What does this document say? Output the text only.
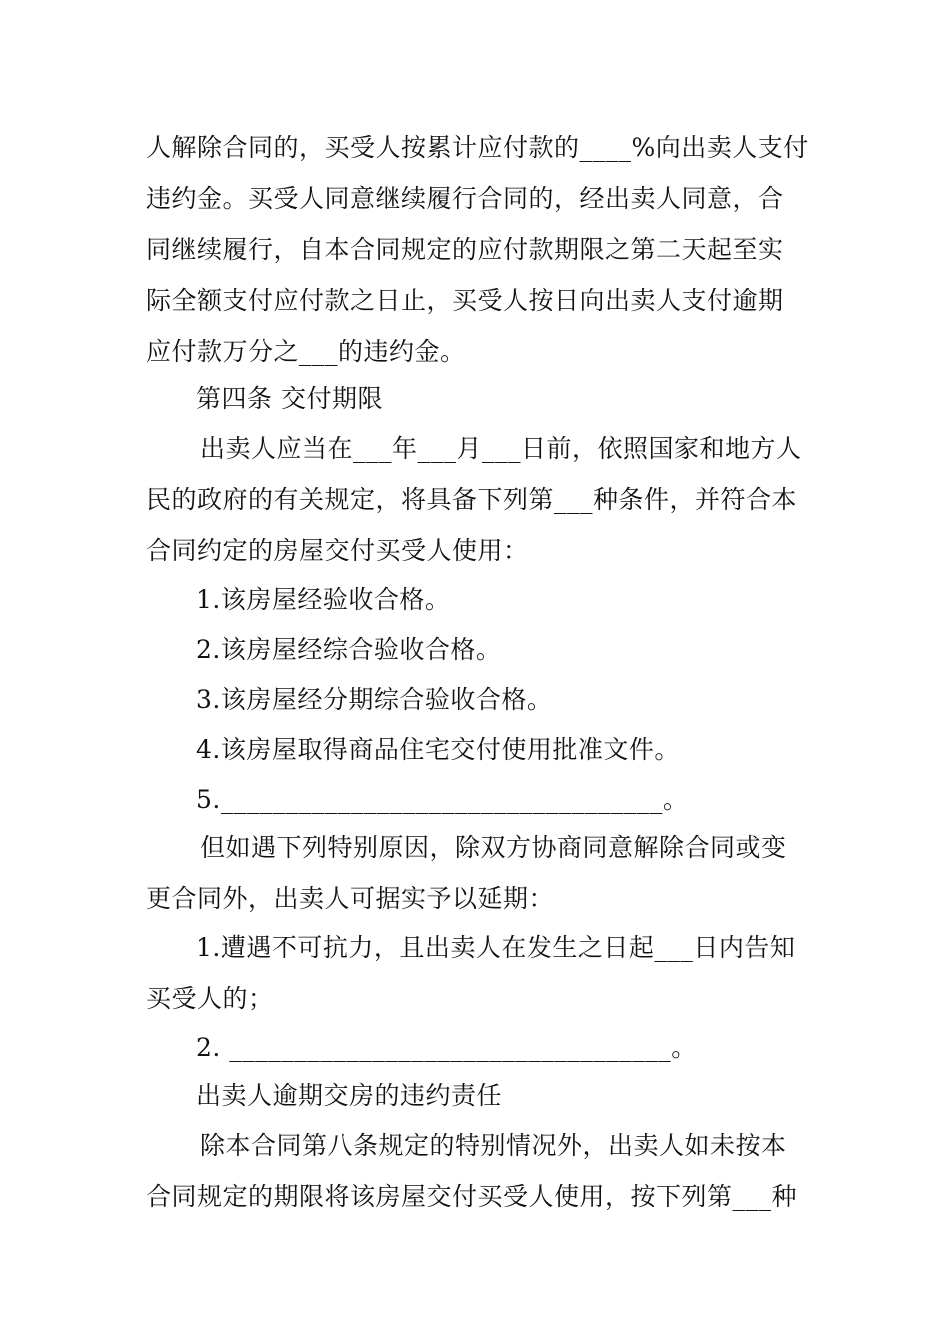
人解除合同的，买受人按累计应付款的____%向出卖人支付
违约金。买受人同意继续履行合同的，经出卖人同意，合
同继续履行，自本合同规定的应付款期限之第二天起至实
际全额支付应付款之日止，买受人按日向出卖人支付逾期
应付款万分之___的违约金。
第四条 交付期限
出卖人应当在___年___月___日前，依照国家和地方人
民的政府的有关规定，将具备下列第___种条件，并符合本
合同约定的房屋交付买受人使用：
1.该房屋经验收合格。
2.该房屋经综合验收合格。
3.该房屋经分期综合验收合格。
4.该房屋取得商品住宅交付使用批准文件。
5.__________________________________。
但如遇下列特别原因，除双方协商同意解除合同或变
更合同外，出卖人可据实予以延期：
1.遭遇不可抗力，且出卖人在发生之日起___日内告知
买受人的；
2. __________________________________。
出卖人逾期交房的违约责任
除本合同第八条规定的特别情况外，出卖人如未按本
合同规定的期限将该房屋交付买受人使用，按下列第___种
